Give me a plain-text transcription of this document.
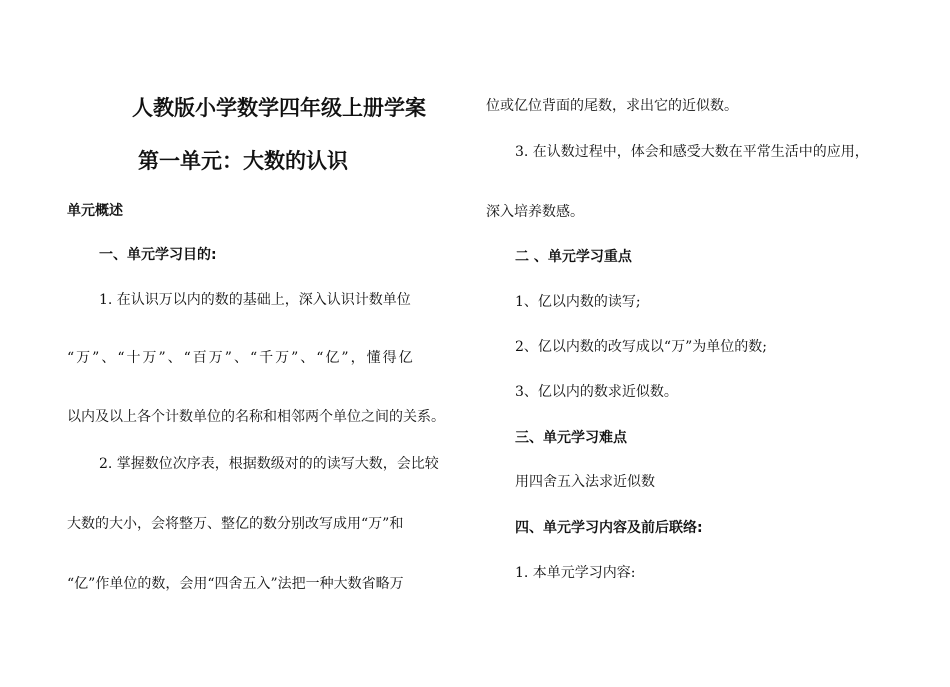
人教版小学数学四年级上册学案
第一单元：大数的认识
单元概述
一、单元学习目的:
1. 在认识万以内的数的基础上，深入认识计数单位
“万”、“十万”、“百万”、“千万”、“亿”，懂得亿
以内及以上各个计数单位的名称和相邻两个单位之间的关系。
2. 掌握数位次序表，根据数级对的的读写大数，会比较
大数的大小，会将整万、整亿的数分别改写成用“万”和
“亿”作单位的数，会用“四舍五入”法把一种大数省略万
位或亿位背面的尾数，求出它的近似数。
3. 在认数过程中，体会和感受大数在平常生活中的应用，
深入培养数感。
二 、单元学习重点
1、亿以内数的读写;
2、亿以内数的改写成以“万”为单位的数;
3、亿以内的数求近似数。
三、单元学习难点
用四舍五入法求近似数
四、单元学习内容及前后联络:
1. 本单元学习内容:
